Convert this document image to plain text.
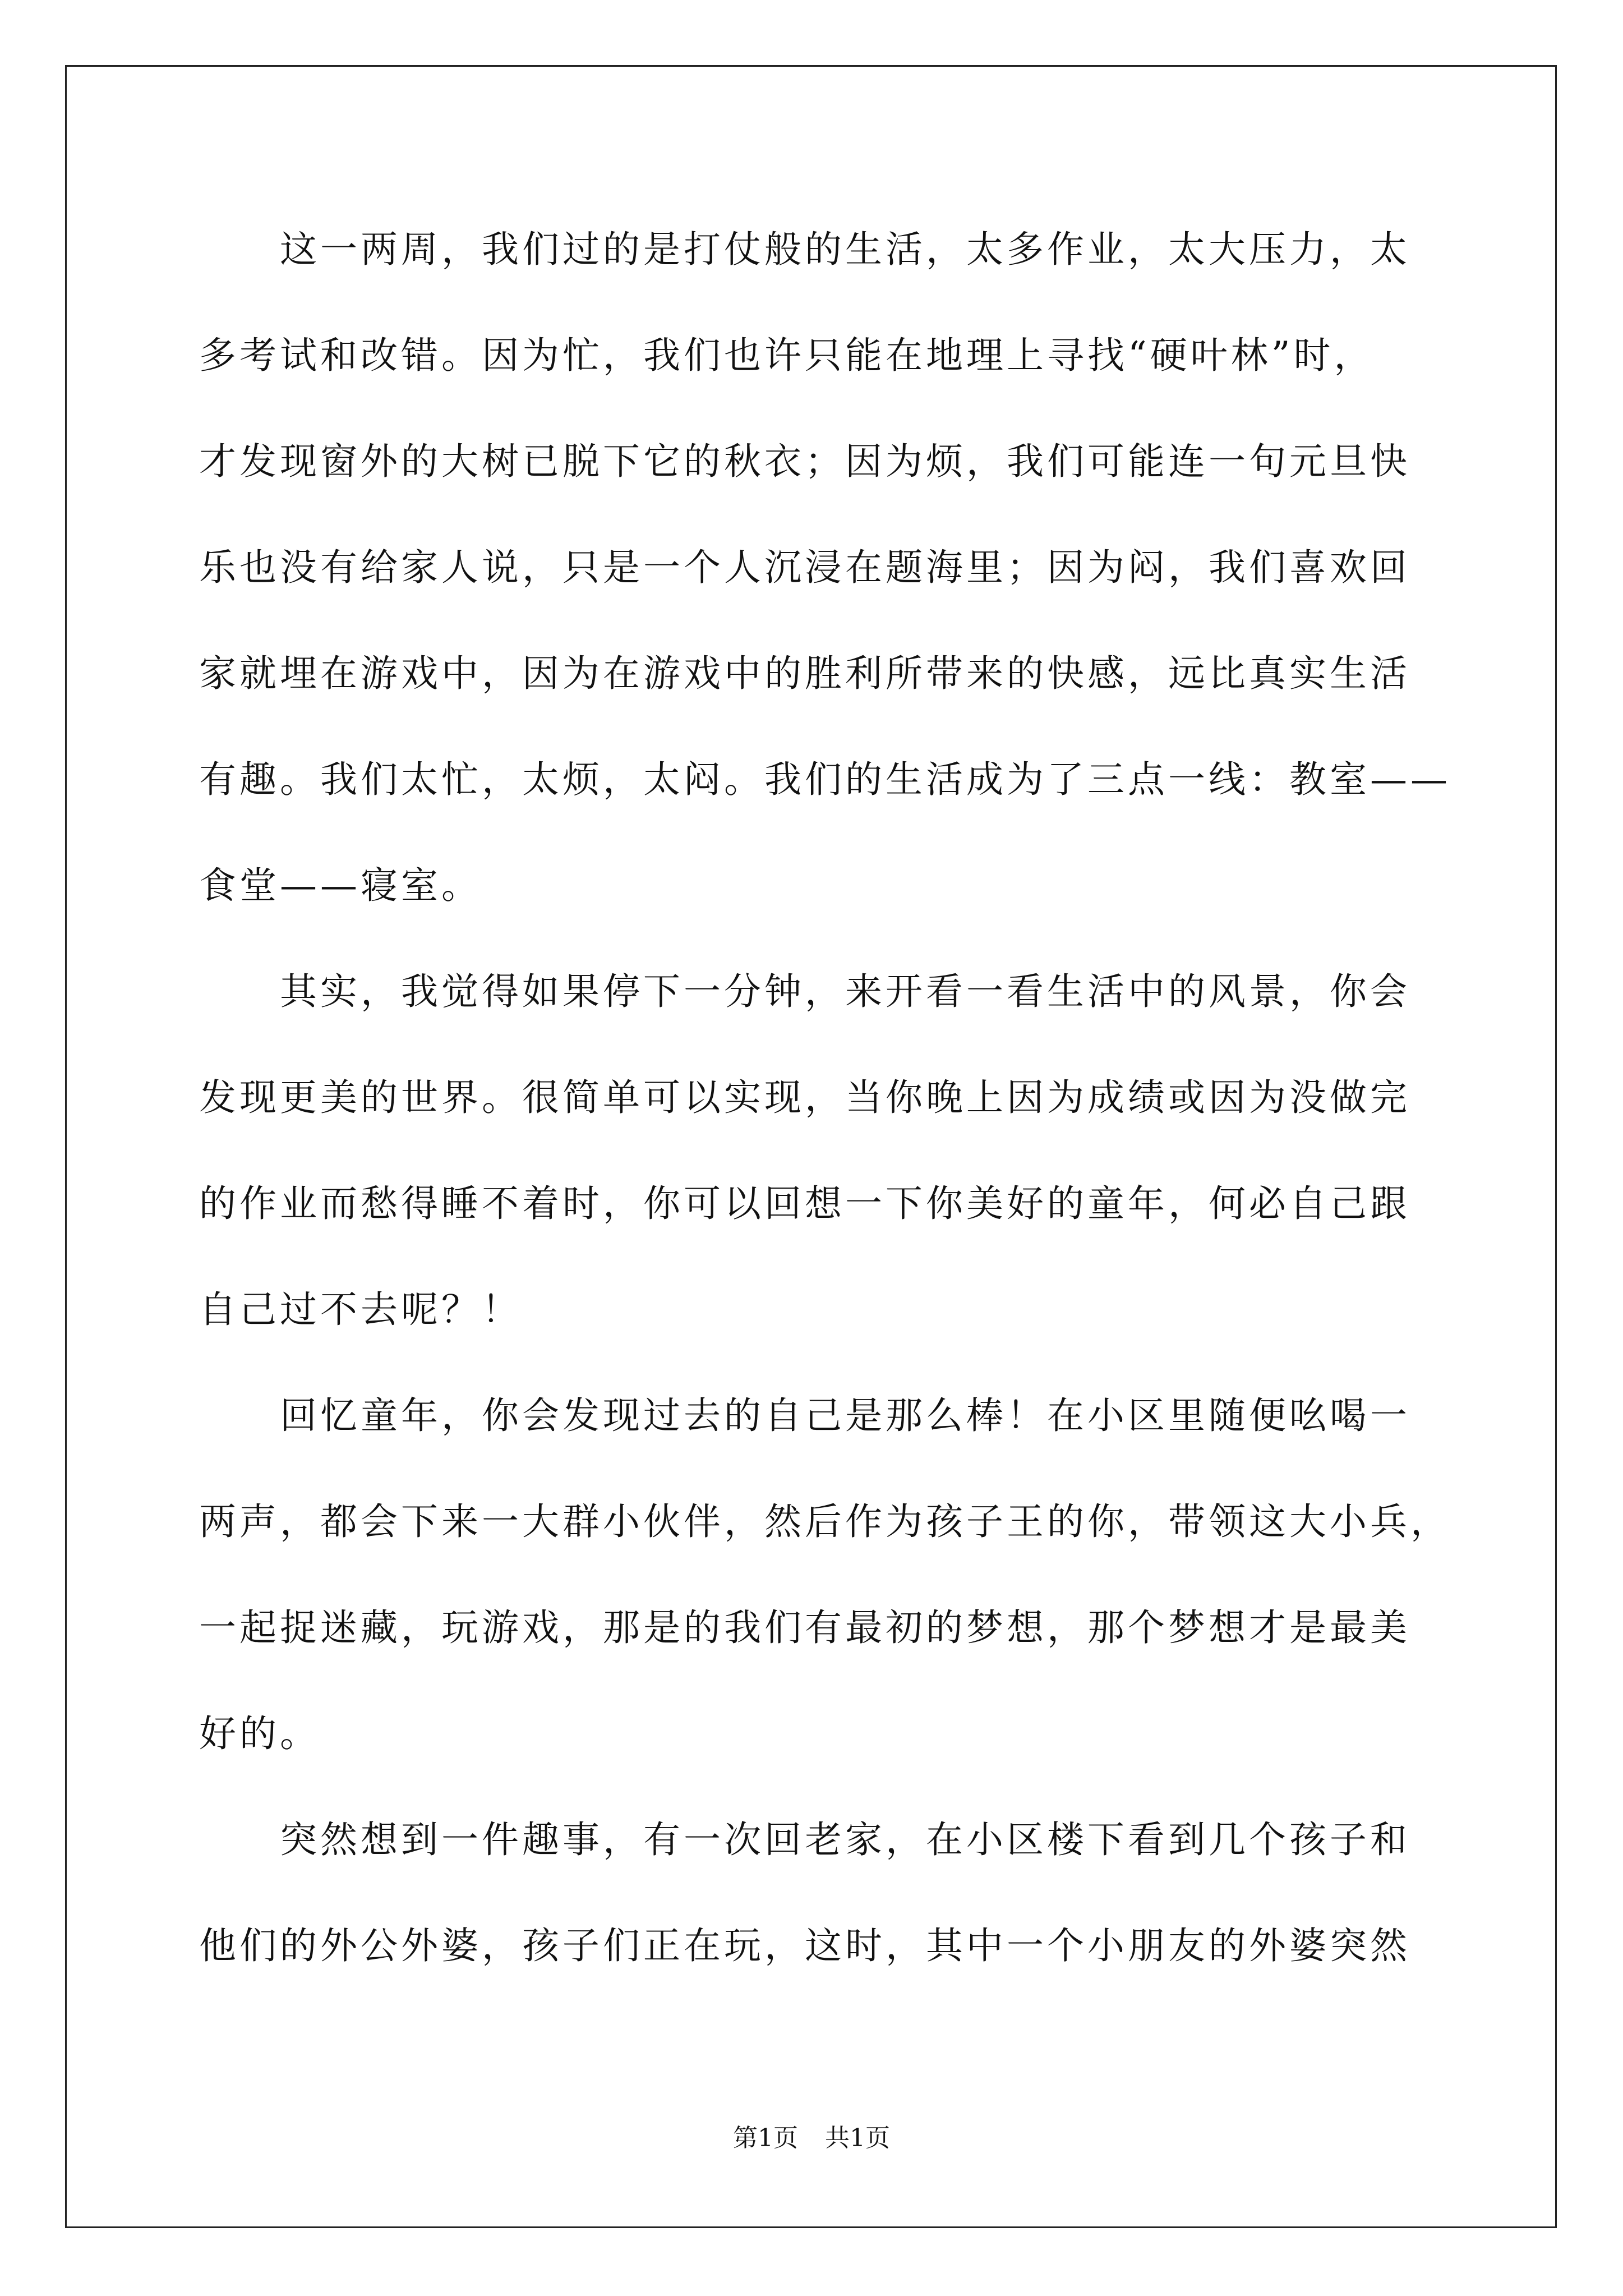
　　这一两周，我们过的是打仗般的生活，太多作业，太大压力，太
多考试和改错。因为忙，我们也许只能在地理上寻找“硬叶林”时，
才发现窗外的大树已脱下它的秋衣；因为烦，我们可能连一句元旦快
乐也没有给家人说，只是一个人沉浸在题海里；因为闷，我们喜欢回
家就埋在游戏中，因为在游戏中的胜利所带来的快感，远比真实生活
有趣。我们太忙，太烦，太闷。我们的生活成为了三点一线：教室——
食堂——寝室。
　　其实，我觉得如果停下一分钟，来开看一看生活中的风景，你会
发现更美的世界。很简单可以实现，当你晚上因为成绩或因为没做完
的作业而愁得睡不着时，你可以回想一下你美好的童年，何必自己跟
自己过不去呢？！
　　回忆童年，你会发现过去的自己是那么棒！在小区里随便吆喝一
两声，都会下来一大群小伙伴，然后作为孩子王的你，带领这大小兵，
一起捉迷藏，玩游戏，那是的我们有最初的梦想，那个梦想才是最美
好的。
　　突然想到一件趣事，有一次回老家，在小区楼下看到几个孩子和
他们的外公外婆，孩子们正在玩，这时，其中一个小朋友的外婆突然
第1页 共1页
